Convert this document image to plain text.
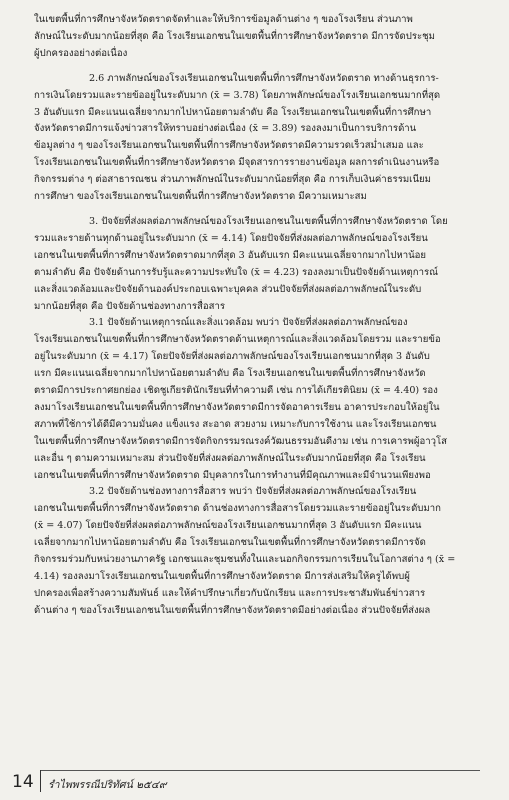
ในเขตพื้นที่การศึกษาจังหวัดตราดจัดทำและให้บริการข้อมูลด้านต่าง ๆ ของโรงเรียน ส่วนภาพ
ลักษณ์ในระดับมากน้อยที่สุด คือ โรงเรียนเอกชนในเขตพื้นที่การศึกษาจังหวัดตราด มีการจัดประชุม
ผู้ปกครองอย่างต่อเนื่อง

2.6 ภาพลักษณ์ของโรงเรียนเอกชนในเขตพื้นที่การศึกษาจังหวัดตราด ทางด้านธุรการ-
การเงินโดยรวมและรายข้ออยู่ในระดับมาก (x̄ = 3.78) โดยภาพลักษณ์ของโรงเรียนเอกชนมากที่สุด
3 อันดับแรก มีคะแนนเฉลี่ยจากมากไปหาน้อยตามลำดับ คือ โรงเรียนเอกชนในเขตพื้นที่การศึกษา
จังหวัดตราดมีการแจ้งข่าวสารให้ทราบอย่างต่อเนื่อง (x̄ = 3.89) รองลงมาเป็นการบริการด้าน
ข้อมูลต่าง ๆ ของโรงเรียนเอกชนในเขตพื้นที่การศึกษาจังหวัดตราดมีความรวดเร็วสม่ำเสมอ และ
โรงเรียนเอกชนในเขตพื้นที่การศึกษาจังหวัดตราด มีจุดสารการรายงานข้อมูล ผลการดำเนินงานหรือ
กิจกรรมต่าง ๆ ต่อสาธารณชน ส่วนภาพลักษณ์ในระดับมากน้อยที่สุด คือ การเก็บเงินค่าธรรมเนียม
การศึกษา ของโรงเรียนเอกชนในเขตพื้นที่การศึกษาจังหวัดตราด มีความเหมาะสม

3. ปัจจัยที่ส่งผลต่อภาพลักษณ์ของโรงเรียนเอกชนในเขตพื้นที่การศึกษาจังหวัดตราด โดย
รวมและรายด้านทุกด้านอยู่ในระดับมาก (x̄ = 4.14) โดยปัจจัยที่ส่งผลต่อภาพลักษณ์ของโรงเรียน
เอกชนในเขตพื้นที่การศึกษาจังหวัดตราดมากที่สุด 3 อันดับแรก มีคะแนนเฉลี่ยจากมากไปหาน้อย
ตามลำดับ คือ ปัจจัยด้านการรับรู้และความประทับใจ (x̄ = 4.23) รองลงมาเป็นปัจจัยด้านเหตุการณ์
และสิ่งแวดล้อมและปัจจัยด้านองค์ประกอบเฉพาะบุคคล ส่วนปัจจัยที่ส่งผลต่อภาพลักษณ์ในระดับ
มากน้อยที่สุด คือ ปัจจัยด้านช่องทางการสื่อสาร

3.1 ปัจจัยด้านเหตุการณ์และสิ่งแวดล้อม พบว่า ปัจจัยที่ส่งผลต่อภาพลักษณ์ของ
โรงเรียนเอกชนในเขตพื้นที่การศึกษาจังหวัดตราดด้านเหตุการณ์และสิ่งแวดล้อมโดยรวม และรายข้อ
อยู่ในระดับมาก (x̄ = 4.17) โดยปัจจัยที่ส่งผลต่อภาพลักษณ์ของโรงเรียนเอกชนมากที่สุด 3 อันดับ
แรก มีคะแนนเฉลี่ยจากมากไปหาน้อยตามลำดับ คือ โรงเรียนเอกชนในเขตพื้นที่การศึกษาจังหวัด
ตราดมีการประกาศยกย่อง เชิดชูเกียรตินักเรียนที่ทำความดี เช่น การได้เกียรตินิยม (x̄ = 4.40) รอง
ลงมาโรงเรียนเอกชนในเขตพื้นที่การศึกษาจังหวัดตราดมีการจัดอาคารเรียน อาคารประกอบให้อยู่ใน
สภาพที่ใช้การได้ดีมีความมั่นคง แข็งแรง สะอาด สวยงาม เหมาะกับการใช้งาน และโรงเรียนเอกชน
ในเขตพื้นที่การศึกษาจังหวัดตราดมีการจัดกิจกรรมรณรงค์วัฒนธรรมอันดีงาม เช่น การเคารพผู้อาวุโส
และอื่น ๆ ตามความเหมาะสม ส่วนปัจจัยที่ส่งผลต่อภาพลักษณ์ในระดับมากน้อยที่สุด คือ โรงเรียน
เอกชนในเขตพื้นที่การศึกษาจังหวัดตราด มีบุคลากรในการทำงานที่มีคุณภาพและมีจำนวนเพียงพอ

3.2 ปัจจัยด้านช่องทางการสื่อสาร พบว่า ปัจจัยที่ส่งผลต่อภาพลักษณ์ของโรงเรียน
เอกชนในเขตพื้นที่การศึกษาจังหวัดตราด ด้านช่องทางการสื่อสารโดยรวมและรายข้ออยู่ในระดับมาก
(x̄ = 4.07) โดยปัจจัยที่ส่งผลต่อภาพลักษณ์ของโรงเรียนเอกชนมากที่สุด 3 อันดับแรก มีคะแนน
เฉลี่ยจากมากไปหาน้อยตามลำดับ คือ โรงเรียนเอกชนในเขตพื้นที่การศึกษาจังหวัดตราดมีการจัด
กิจกรรมร่วมกับหน่วยงานภาครัฐ เอกชนและชุมชนทั้งในและนอกกิจกรรมการเรียนในโอกาสต่าง ๆ (x̄ =
4.14) รองลงมาโรงเรียนเอกชนในเขตพื้นที่การศึกษาจังหวัดตราด มีการส่งเสริมให้ครูได้พบผู้
ปกครองเพื่อสร้างความสัมพันธ์ และให้คำปรึกษาเกี่ยวกับนักเรียน และการประชาสัมพันธ์ข่าวสาร
ด้านต่าง ๆ ของโรงเรียนเอกชนในเขตพื้นที่การศึกษาจังหวัดตราดมีอย่างต่อเนื่อง ส่วนปัจจัยที่ส่งผล

14 รำไพพรรณีปริทัศน์ ๒๕๔๙
